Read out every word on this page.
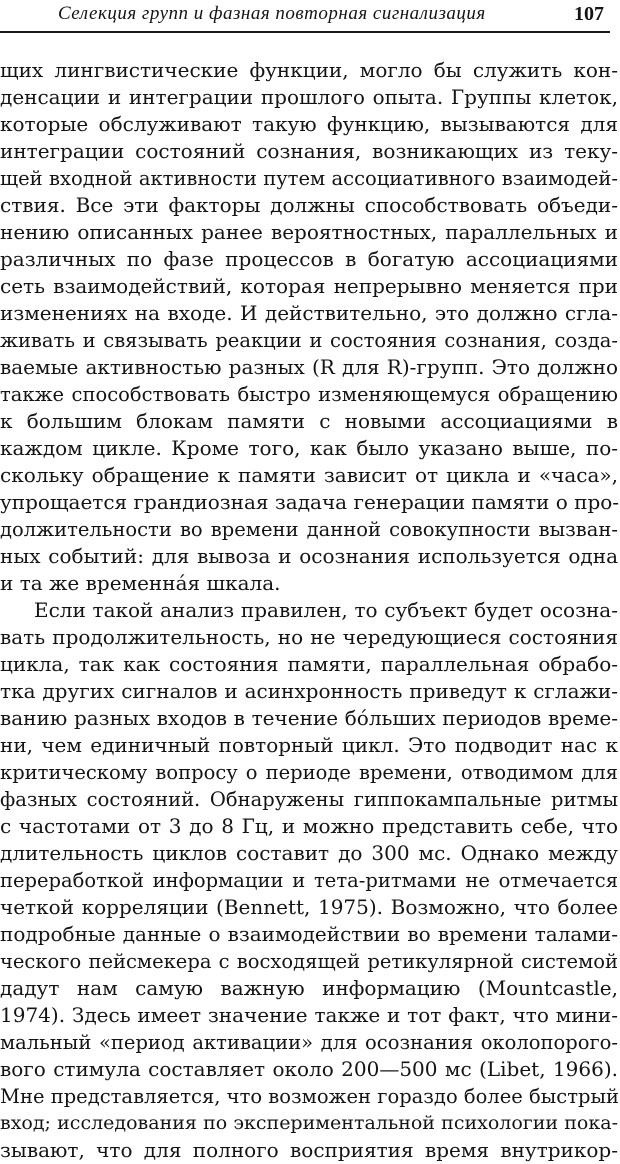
Селекция групп и фазная повторная сигнализация	107
щих лингвистические функции, могло бы служить кон-
денсации и интеграции прошлого опыта. Группы клеток,
которые обслуживают такую функцию, вызываются для
интеграции состояний сознания, возникающих из теку-
щей входной активности путем ассоциативного взаимодей-
ствия. Все эти факторы должны способствовать объеди-
нению описанных ранее вероятностных, параллельных и
различных по фазе процессов в богатую ассоциациями
сеть взаимодействий, которая непрерывно меняется при
изменениях на входе. И действительно, это должно сгла-
живать и связывать реакции и состояния сознания, созда-
ваемые активностью разных (R для R)-групп. Это должно
также способствовать быстро изменяющемуся обращению
к большим блокам памяти с новыми ассоциациями в
каждом цикле. Кроме того, как было указано выше, по-
скольку обращение к памяти зависит от цикла и «часа»,
упрощается грандиозная задача генерации памяти о про-
должительности во времени данной совокупности вызван-
ных событий: для вывоза и осознания используется одна
и та же временнáя шкала.
Если такой анализ правилен, то субъект будет осозна-
вать продолжительность, но не чередующиеся состояния
цикла, так как состояния памяти, параллельная обрабо-
тка других сигналов и асинхронность приведут к сглажи-
ванию разных входов в течение бóльших периодов време-
ни, чем единичный повторный цикл. Это подводит нас к
критическому вопросу о периоде времени, отводимом для
фазных состояний. Обнаружены гиппокампальные ритмы
с частотами от 3 до 8 Гц, и можно представить себе, что
длительность циклов составит до 300 мс. Однако между
переработкой информации и тета-ритмами не отмечается
четкой корреляции (Bennett, 1975). Возможно, что более
подробные данные о взаимодействии во времени талами-
ческого пейсмекера с восходящей ретикулярной системой
дадут нам самую важную информацию (Mountcastle,
1974). Здесь имеет значение также и тот факт, что мини-
мальный «период активации» для осознания околопорого-
вого стимула составляет около 200—500 мс (Libet, 1966).
Мне представляется, что возможен гораздо более быстрый
вход; исследования по экспериментальной психологии пока-
зывают, что для полного восприятия время внутрикор-
